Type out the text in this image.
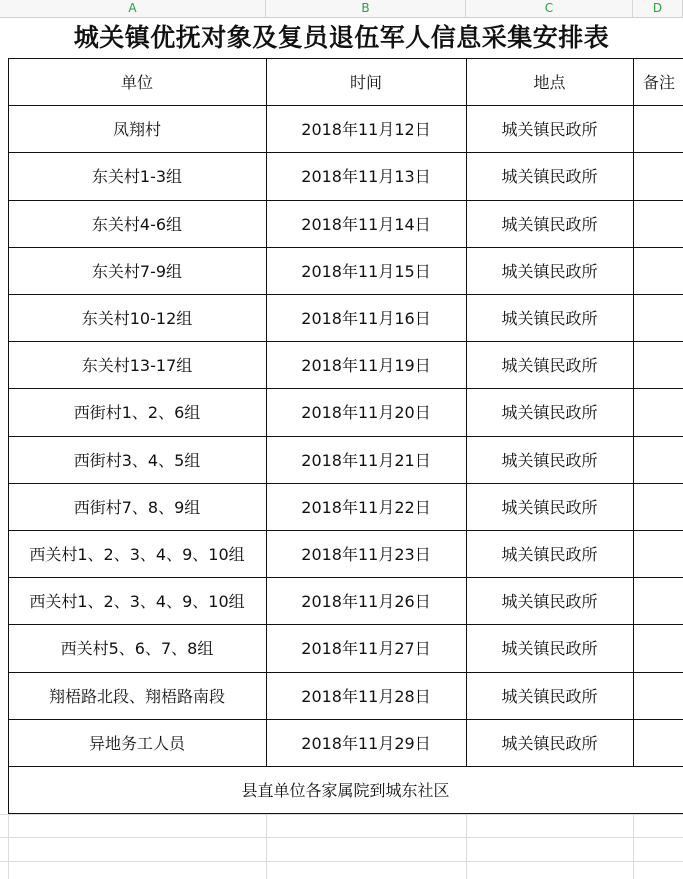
A	B	C	D
城关镇优抚对象及复员退伍军人信息采集安排表
单位	时间	地点	备注
凤翔村	2018年11月12日	城关镇民政所
东关村1-3组	2018年11月13日	城关镇民政所
东关村4-6组	2018年11月14日	城关镇民政所
东关村7-9组	2018年11月15日	城关镇民政所
东关村10-12组	2018年11月16日	城关镇民政所
东关村13-17组	2018年11月19日	城关镇民政所
西街村1、2、6组	2018年11月20日	城关镇民政所
西街村3、4、5组	2018年11月21日	城关镇民政所
西街村7、8、9组	2018年11月22日	城关镇民政所
西关村1、2、3、4、9、10组	2018年11月23日	城关镇民政所
西关村1、2、3、4、9、10组	2018年11月26日	城关镇民政所
西关村5、6、7、8组	2018年11月27日	城关镇民政所
翔梧路北段、翔梧路南段	2018年11月28日	城关镇民政所
异地务工人员	2018年11月29日	城关镇民政所
县直单位各家属院到城东社区
